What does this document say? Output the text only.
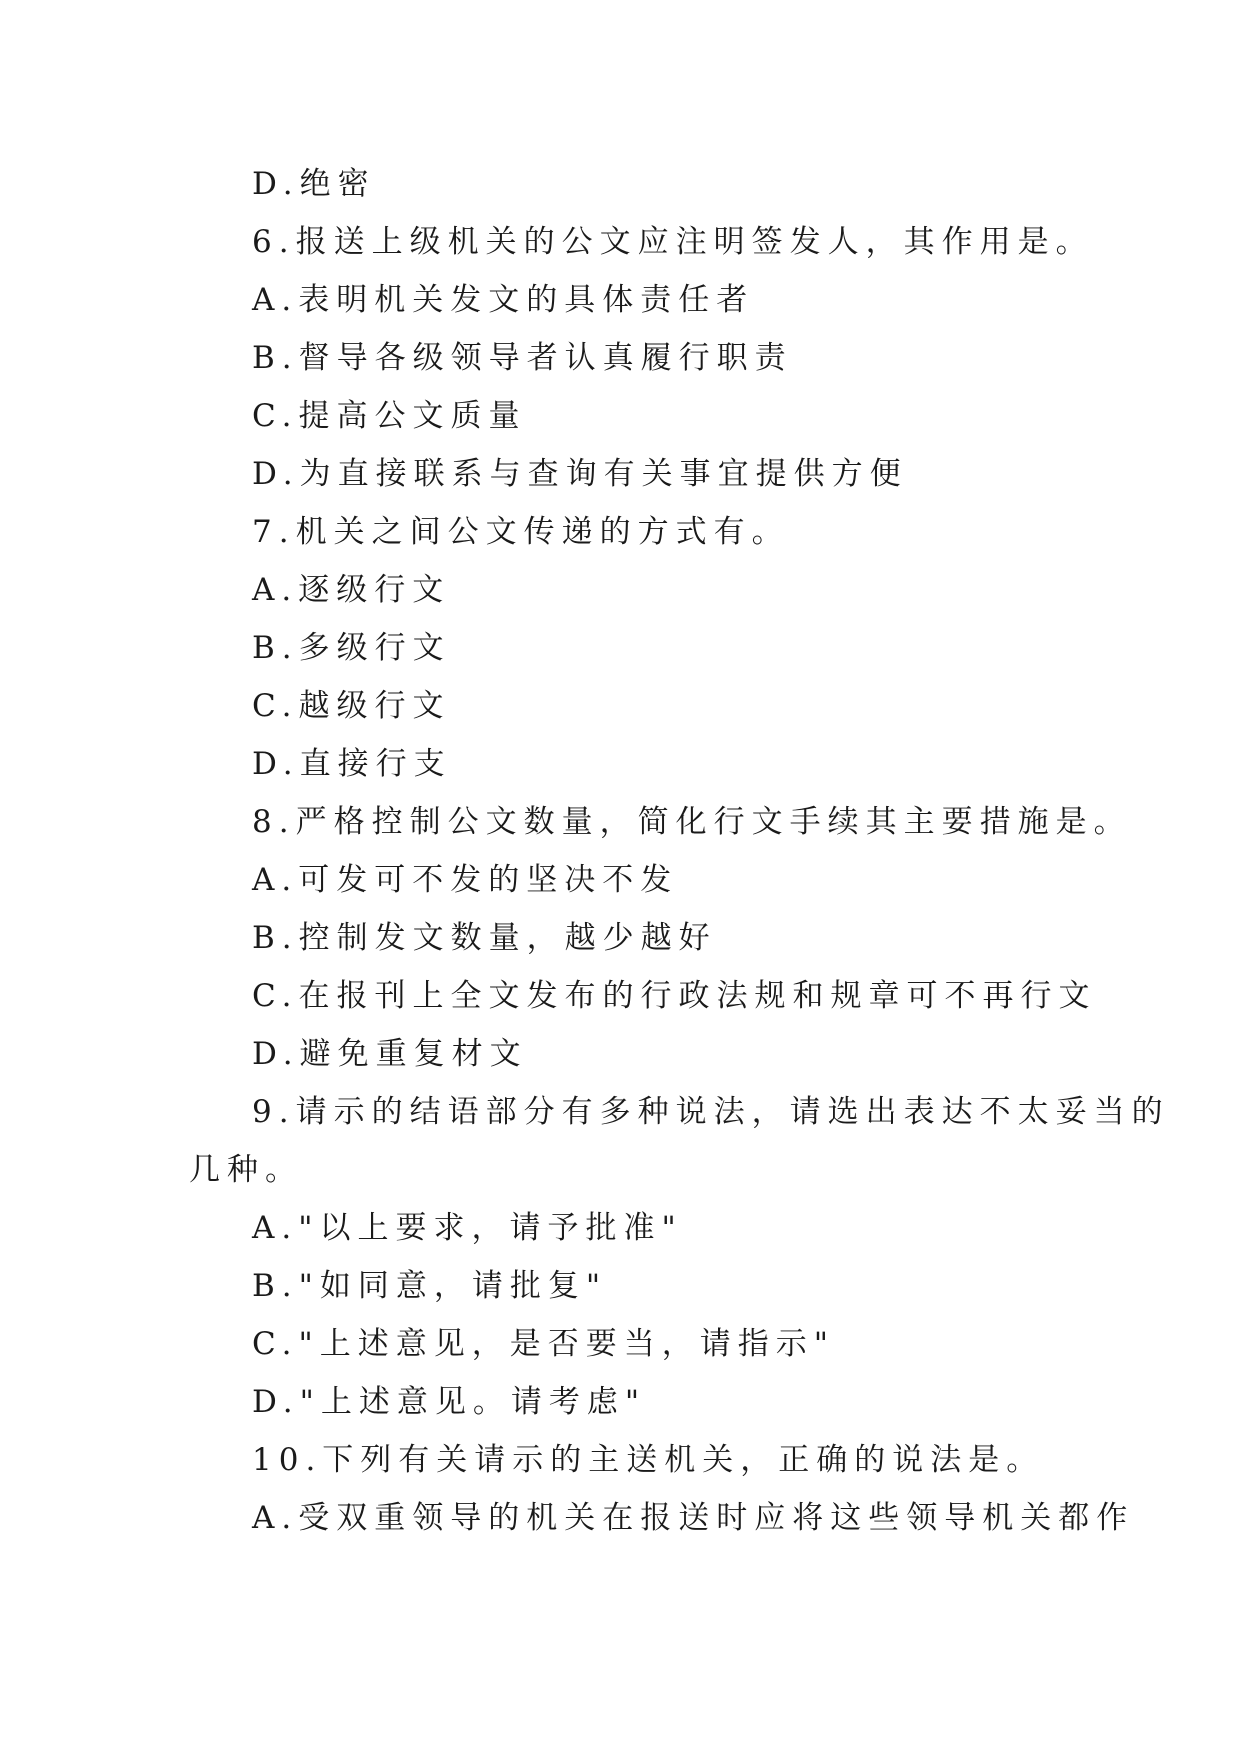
D.绝密
6.报送上级机关的公文应注明签发人，其作用是。
A.表明机关发文的具体责任者
B.督导各级领导者认真履行职责
C.提高公文质量
D.为直接联系与查询有关事宜提供方便
7.机关之间公文传递的方式有。
A.逐级行文
B.多级行文
C.越级行文
D.直接行支
8.严格控制公文数量，简化行文手续其主要措施是。
A.可发可不发的坚决不发
B.控制发文数量，越少越好
C.在报刊上全文发布的行政法规和规章可不再行文
D.避免重复材文
9.请示的结语部分有多种说法，请选出表达不太妥当的
几种。
A."以上要求，请予批准"
B."如同意，请批复"
C."上述意见，是否要当，请指示"
D."上述意见。请考虑"
10.下列有关请示的主送机关，正确的说法是。
A.受双重领导的机关在报送时应将这些领导机关都作
